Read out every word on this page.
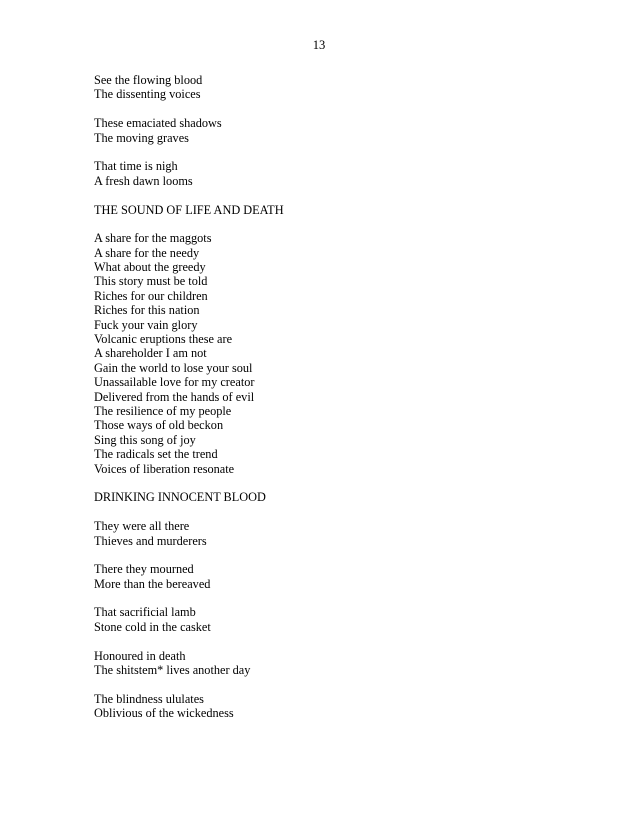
13
See the flowing blood
The dissenting voices
These emaciated shadows
The moving graves
That time is nigh
A fresh dawn looms
THE SOUND OF LIFE AND DEATH
A share for the maggots
A share for the needy
What about the greedy
This story must be told
Riches for our children
Riches for this nation
Fuck your vain glory
Volcanic eruptions these are
A shareholder I am not
Gain the world to lose your soul
Unassailable love for my creator
Delivered from the hands of evil
The resilience of my people
Those ways of old beckon
Sing this song of joy
The radicals set the trend
Voices of liberation resonate
DRINKING INNOCENT BLOOD
They were all there
Thieves and murderers
There they mourned
More than the bereaved
That sacrificial lamb
Stone cold in the casket
Honoured in death
The shitstem* lives another day
The blindness ululates
Oblivious of the wickedness
